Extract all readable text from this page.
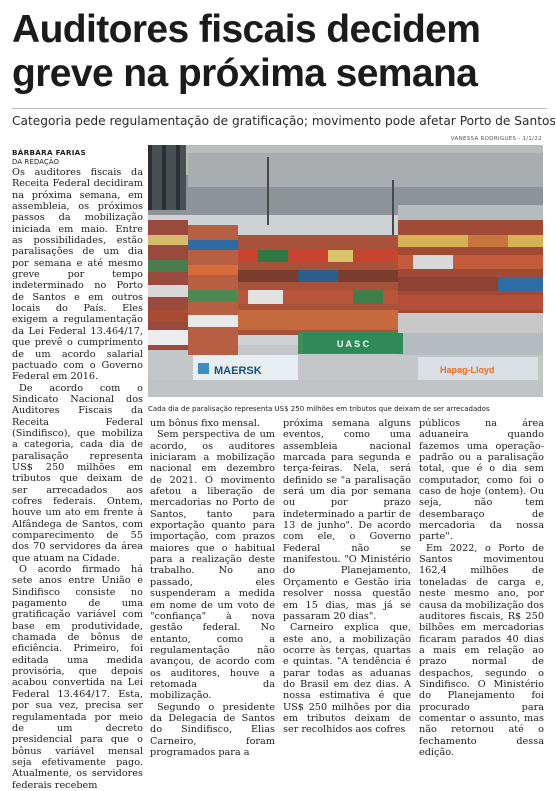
Auditores fiscais decidem
greve na próxima semana
Categoria pede regulamentação de gratificação; movimento pode afetar Porto de Santos
VANESSA RODRIGUES · 1/1/22
BÁRBARA FARIAS
DA REDAÇÃO

Os auditores fiscais da Receita Federal decidiram na próxima semana, em assembleia, os próximos passos da mobilização iniciada em maio. Entre as possibilidades, estão paralisações de um dia por semana e até mesmo greve por tempo indeterminado no Porto de Santos e em outros locais do País. Eles exigem a regulamentação da Lei Federal 13.464/17, que prevê o cumprimento de um acordo salarial pactuado com o Governo Federal em 2016.

De acordo com o Sindicato Nacional dos Auditores Fiscais da Receita Federal (Sindifisco), que mobiliza a categoria, cada dia de paralisação representa US$ 250 milhões em tributos que deixam de ser arrecadados aos cofres federais. Ontem, houve um ato em frente à Alfândega de Santos, com comparecimento de 55 dos 70 servidores da área que atuam na Cidade.

O acordo firmado há sete anos entre União e Sindifisco consiste no pagamento de uma gratificação variável com base em produtividade, chamada de bônus de eficiência. Primeiro, foi editada uma medida provisória, que depois acabou convertida na Lei Federal 13.464/17. Esta, por sua vez, precisa ser regulamentada por meio de um decreto presidencial para que o bônus variável mensal seja efetivamente pago. Atualmente, os servidores federais recebem

U A S C
MAERSK	Hapag-Lloyd
Cada dia de paralisação representa US$ 250 milhões em tributos que deixam de ser arrecadados

um bônus fixo mensal.

Sem perspectiva de um acordo, os auditores iniciaram a mobilização nacional em dezembro de 2021. O movimento afetou a liberação de mercadorias no Porto de Santos, tanto para exportação quanto para importação, com prazos maiores que o habitual para a realização deste trabalho. No ano passado, eles suspenderam a medida em nome de um voto de "confiança" à nova gestão federal. No entanto, como a regulamentação não avançou, de acordo com os auditores, houve a retomada da mobilização.

Segundo o presidente da Delegacia de Santos do Sindifisco, Elias Carneiro, foram programados para a

próxima semana alguns eventos, como uma assembleia nacional marcada para segunda e terça-feiras. Nela, será definido se "a paralisação será um dia por semana ou por prazo indeterminado a partir de 13 de junho". De acordo com ele, o Governo Federal não se manifestou. "O Ministério do Planejamento, Orçamento e Gestão iria resolver nossa questão em 15 dias, mas já se passaram 20 dias".

Carneiro explica que, este ano, a mobilização ocorre às terças, quartas e quintas. "A tendência é parar todas as aduanas do Brasil em dez dias. A nossa estimativa é que US$ 250 milhões por dia em tributos deixam de ser recolhidos aos cofres

públicos na área aduaneira quando fazemos uma operação-padrão ou a paralisação total, que é o dia sem computador, como foi o caso de hoje (ontem). Ou seja, não tem desembaraço de mercadoria da nossa parte".

Em 2022, o Porto de Santos movimentou 162,4 milhões de toneladas de carga e, neste mesmo ano, por causa da mobilização dos auditores fiscais, R$ 250 bilhões em mercadorias ficaram parados 40 dias a mais em relação ao prazo normal de despachos, segundo o Sindifisco. O Ministério do Planejamento foi procurado para comentar o assunto, mas não retornou até o fechamento dessa edição.
